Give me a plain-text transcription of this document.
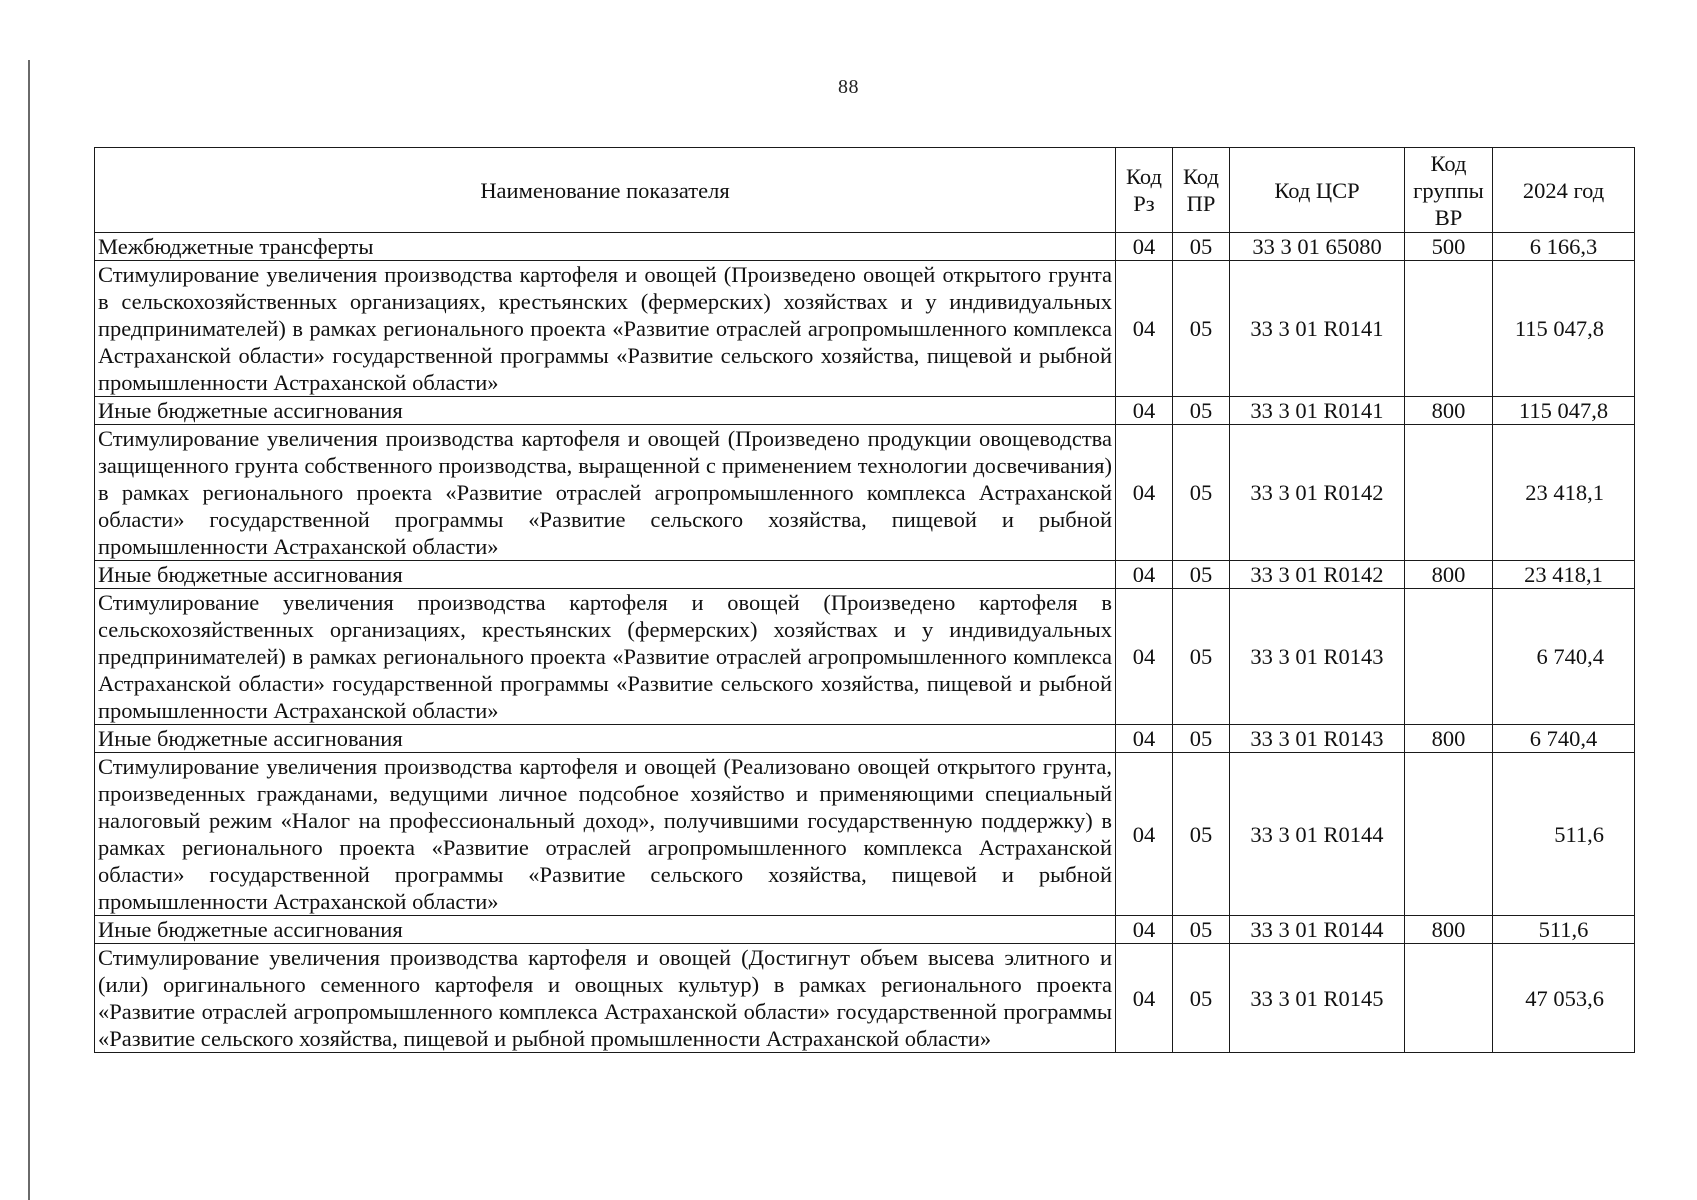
88
Наименование показателя	Код Рз	Код ПР	Код ЦСР	Код группы ВР	2024 год
Межбюджетные трансферты	04	05	33 3 01 65080	500	6 166,3
Стимулирование увеличения производства картофеля и овощей (Произведено овощей открытого грунта в сельскохозяйственных организациях, крестьянских (фермерских) хозяйствах и у индивидуальных предпринимателей) в рамках регионального проекта «Развитие отраслей агропромышленного комплекса Астраханской области» государственной программы «Развитие сельского хозяйства, пищевой и рыбной промышленности Астраханской области»	04	05	33 3 01 R0141		115 047,8
Иные бюджетные ассигнования	04	05	33 3 01 R0141	800	115 047,8
Стимулирование увеличения производства картофеля и овощей (Произведено продукции овощеводства защищенного грунта собственного производства, выращенной с применением технологии досвечивания) в рамках регионального проекта «Развитие отраслей агропромышленного комплекса Астраханской области» государственной программы «Развитие сельского хозяйства, пищевой и рыбной промышленности Астраханской области»	04	05	33 3 01 R0142		23 418,1
Иные бюджетные ассигнования	04	05	33 3 01 R0142	800	23 418,1
Стимулирование увеличения производства картофеля и овощей (Произведено картофеля в сельскохозяйственных организациях, крестьянских (фермерских) хозяйствах и у индивидуальных предпринимателей) в рамках регионального проекта «Развитие отраслей агропромышленного комплекса Астраханской области» государственной программы «Развитие сельского хозяйства, пищевой и рыбной промышленности Астраханской области»	04	05	33 3 01 R0143		6 740,4
Иные бюджетные ассигнования	04	05	33 3 01 R0143	800	6 740,4
Стимулирование увеличения производства картофеля и овощей (Реализовано овощей открытого грунта, произведенных гражданами, ведущими личное подсобное хозяйство и применяющими специальный налоговый режим «Налог на профессиональный доход», получившими государственную поддержку) в рамках регионального проекта «Развитие отраслей агропромышленного комплекса Астраханской области» государственной программы «Развитие сельского хозяйства, пищевой и рыбной промышленности Астраханской области»	04	05	33 3 01 R0144		511,6
Иные бюджетные ассигнования	04	05	33 3 01 R0144	800	511,6
Стимулирование увеличения производства картофеля и овощей (Достигнут объем высева элитного и (или) оригинального семенного картофеля и овощных культур) в рамках регионального проекта «Развитие отраслей агропромышленного комплекса Астраханской области» государственной программы «Развитие сельского хозяйства, пищевой и рыбной промышленности Астраханской области»	04	05	33 3 01 R0145		47 053,6
